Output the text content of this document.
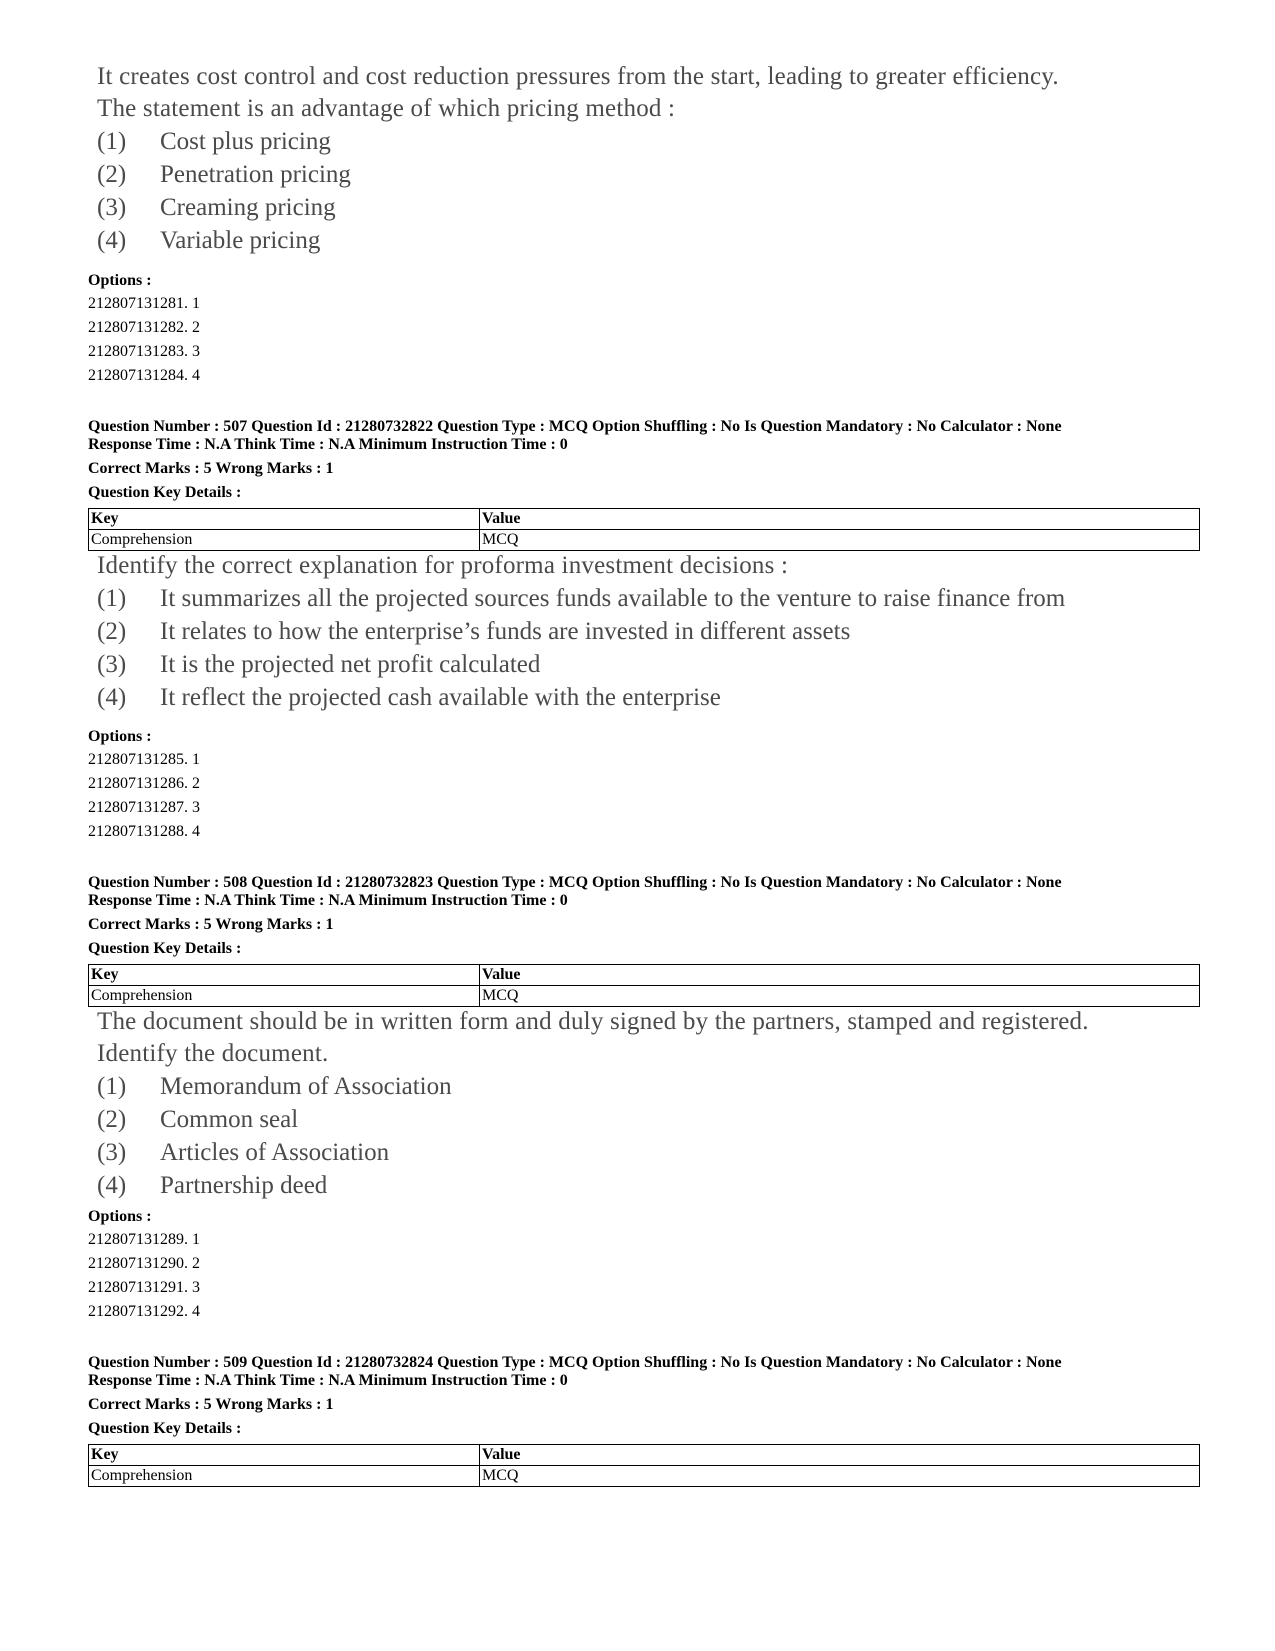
It creates cost control and cost reduction pressures from the start, leading to greater efficiency.
The statement is an advantage of which pricing method :
(1) Cost plus pricing
(2) Penetration pricing
(3) Creaming pricing
(4) Variable pricing
Options :
212807131281. 1
212807131282. 2
212807131283. 3
212807131284. 4
Question Number : 507 Question Id : 21280732822 Question Type : MCQ Option Shuffling : No Is Question Mandatory : No Calculator : None
Response Time : N.A Think Time : N.A Minimum Instruction Time : 0
Correct Marks : 5 Wrong Marks : 1
Question Key Details :
Key	Value
Comprehension	MCQ
Identify the correct explanation for proforma investment decisions :
(1) It summarizes all the projected sources funds available to the venture to raise finance from
(2) It relates to how the enterprise’s funds are invested in different assets
(3) It is the projected net profit calculated
(4) It reflect the projected cash available with the enterprise
Options :
212807131285. 1
212807131286. 2
212807131287. 3
212807131288. 4
Question Number : 508 Question Id : 21280732823 Question Type : MCQ Option Shuffling : No Is Question Mandatory : No Calculator : None
Response Time : N.A Think Time : N.A Minimum Instruction Time : 0
Correct Marks : 5 Wrong Marks : 1
Question Key Details :
Key	Value
Comprehension	MCQ
The document should be in written form and duly signed by the partners, stamped and registered.
Identify the document.
(1) Memorandum of Association
(2) Common seal
(3) Articles of Association
(4) Partnership deed
Options :
212807131289. 1
212807131290. 2
212807131291. 3
212807131292. 4
Question Number : 509 Question Id : 21280732824 Question Type : MCQ Option Shuffling : No Is Question Mandatory : No Calculator : None
Response Time : N.A Think Time : N.A Minimum Instruction Time : 0
Correct Marks : 5 Wrong Marks : 1
Question Key Details :
Key	Value
Comprehension	MCQ
